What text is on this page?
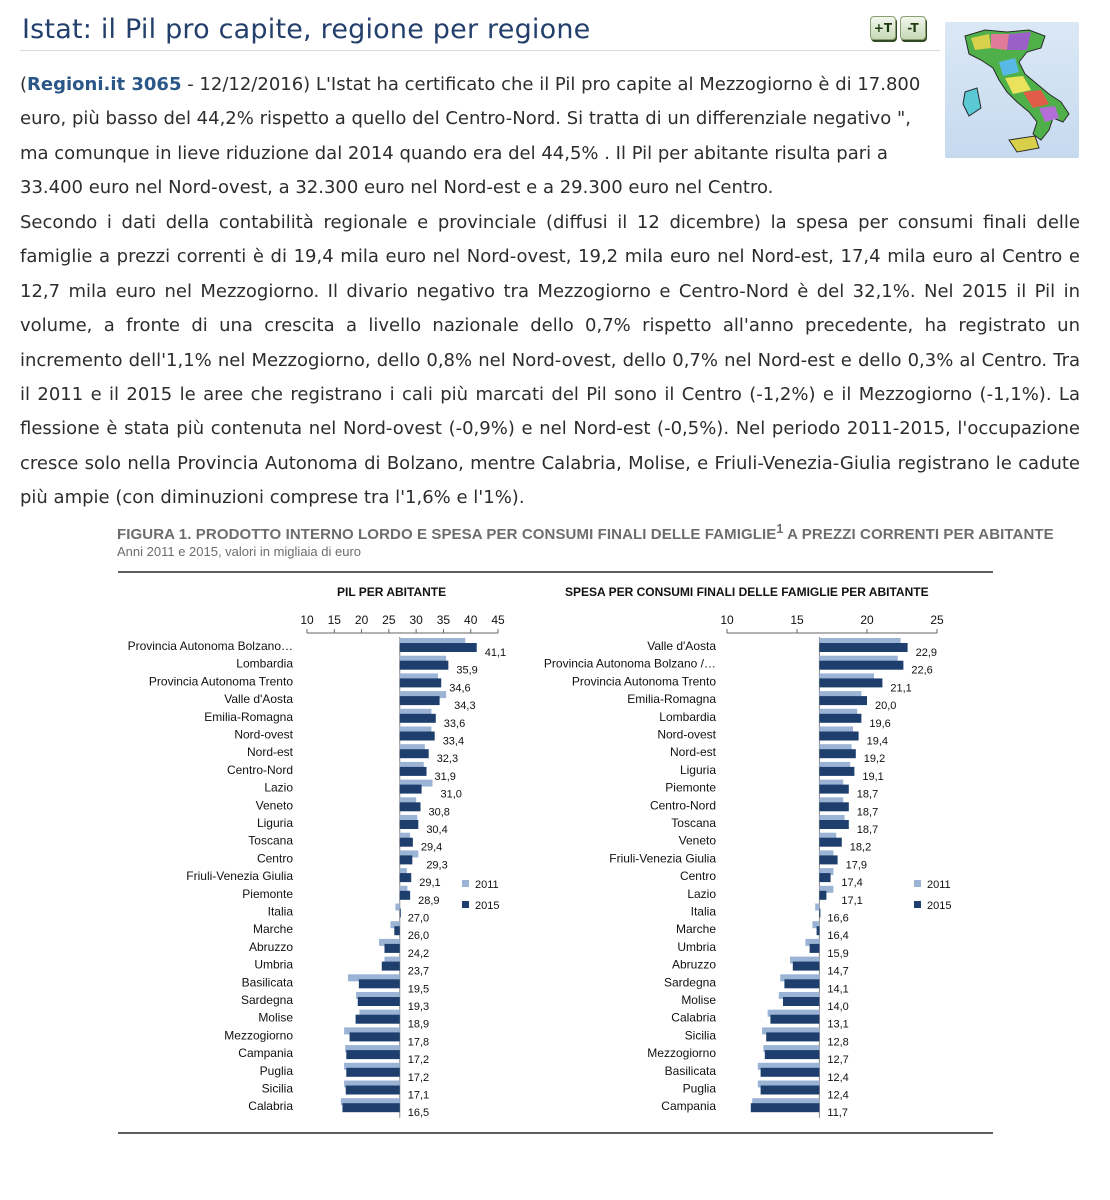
Istat: il Pil pro capite, regione per regione	+T	-T
(Regioni.it 3065 - 12/12/2016) L'Istat ha certificato che il Pil pro capite al Mezzogiorno è di 17.800 euro, più basso del 44,2% rispetto a quello del Centro-Nord. Si tratta di un differenziale negativo ", ma comunque in lieve riduzione dal 2014 quando era del 44,5% . Il Pil per abitante risulta pari a 33.400 euro nel Nord-ovest, a 32.300 euro nel Nord-est e a 29.300 euro nel Centro.
Secondo i dati della contabilità regionale e provinciale (diffusi il 12 dicembre) la spesa per consumi finali delle famiglie a prezzi correnti è di 19,4 mila euro nel Nord-ovest, 19,2 mila euro nel Nord-est, 17,4 mila euro al Centro e 12,7 mila euro nel Mezzogiorno. Il divario negativo tra Mezzogiorno e Centro-Nord è del 32,1%. Nel 2015 il Pil in volume, a fronte di una crescita a livello nazionale dello 0,7% rispetto all'anno precedente, ha registrato un incremento dell'1,1% nel Mezzogiorno, dello 0,8% nel Nord-ovest, dello 0,7% nel Nord-est e dello 0,3% al Centro. Tra il 2011 e il 2015 le aree che registrano i cali più marcati del Pil sono il Centro (-1,2%) e il Mezzogiorno (-1,1%). La flessione è stata più contenuta nel Nord-ovest (-0,9%) e nel Nord-est (-0,5%). Nel periodo 2011-2015, l'occupazione cresce solo nella Provincia Autonoma di Bolzano, mentre Calabria, Molise, e Friuli-Venezia-Giulia registrano le cadute più ampie (con diminuzioni comprese tra l'1,6% e l'1%).
FIGURA 1. PRODOTTO INTERNO LORDO E SPESA PER CONSUMI FINALI DELLE FAMIGLIE$^1$ A PREZZI CORRENTI PER ABITANTE
Anni 2011 e 2015, valori in migliaia di euro
PIL PER ABITANTE
10 15 20 25 30 35 40 45
Provincia Autonoma Bolzano…	41,1
Lombardia	35,9
Provincia Autonoma Trento	34,6
Valle d'Aosta	34,3
Emilia-Romagna	33,6
Nord-ovest	33,4
Nord-est	32,3
Centro-Nord	31,9
Lazio	31,0
Veneto	30,8
Liguria	30,4
Toscana	29,4
Centro	29,3
Friuli-Venezia Giulia	29,1
Piemonte	28,9
Italia	27,0
Marche	26,0
Abruzzo	24,2
Umbria	23,7
Basilicata	19,5
Sardegna	19,3
Molise	18,9
Mezzogiorno	17,8
Campania	17,2
Puglia	17,2
Sicilia	17,1
Calabria	16,5
2011
2015
SPESA PER CONSUMI FINALI DELLE FAMIGLIE PER ABITANTE
10	15	20	25
Valle d'Aosta	22,9
Provincia Autonoma Bolzano /…	22,6
Provincia Autonoma Trento	21,1
Emilia-Romagna	20,0
Lombardia	19,6
Nord-ovest	19,4
Nord-est	19,2
Liguria	19,1
Piemonte	18,7
Centro-Nord	18,7
Toscana	18,7
Veneto	18,2
Friuli-Venezia Giulia	17,9
Centro	17,4
Lazio	17,1
Italia	16,6
Marche	16,4
Umbria	15,9
Abruzzo	14,7
Sardegna	14,1
Molise	14,0
Calabria	13,1
Sicilia	12,8
Mezzogiorno	12,7
Basilicata	12,4
Puglia	12,4
Campania	11,7
2011
2015
